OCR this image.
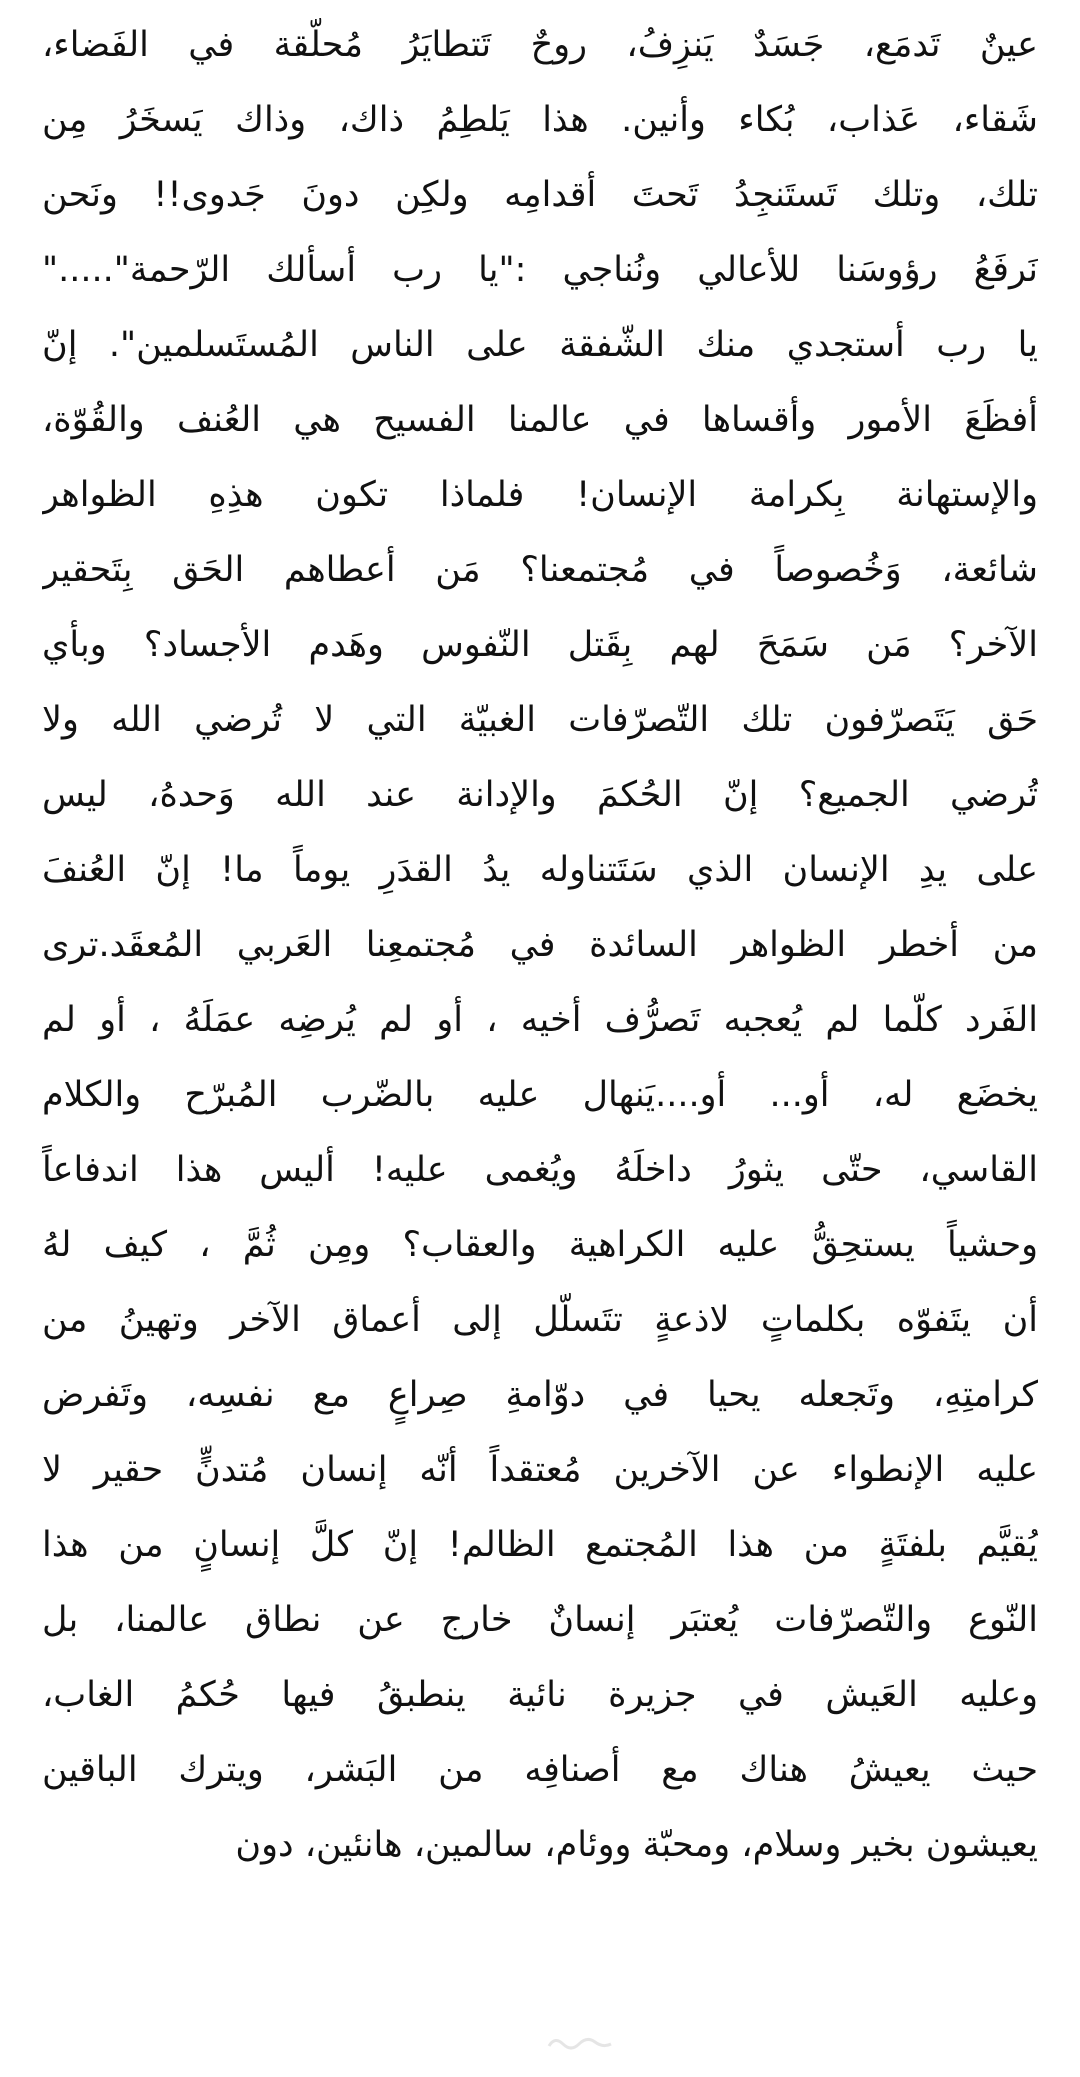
عينٌ تَدمَع، جَسَدٌ يَنزِفُ، روحٌ تَتطايَرُ مُحلّقة في الفَضاء،
شَقاء، عَذاب، بُكاء وأنين. هذا يَلطِمُ ذاك، وذاك يَسخَرُ مِن
تلك، وتلك تَستَنجِدُ تَحتَ أقدامِه ولكِن دونَ جَدوى!! ونَحن
نَرفَعُ رؤوسَنا للأعالي ونُناجي :"يا رب أسألك الرّحمة"....."
يا رب أستجدي منك الشّفقة على الناس المُستَسلمين". إنّ
أفظَعَ الأمور وأقساها في عالمنا الفسيح هي العُنف والقُوّة،
والإستهانة بِكرامة الإنسان! فلماذا تكون هذِهِ الظواهر
شائعة، وَخُصوصاً في مُجتمعنا؟ مَن أعطاهم الحَق بِتَحقير
الآخر؟ مَن سَمَحَ لهم بِقَتل النّفوس وهَدم الأجساد؟ وبأي
حَق يَتَصرّفون تلك التّصرّفات الغبيّة التي لا تُرضي الله ولا
تُرضي الجميع؟ إنّ الحُكمَ والإدانة عند الله وَحدهُ، ليس
على يدِ الإنسان الذي سَتَتناوله يدُ القدَرِ يوماً ما! إنّ العُنفَ
من أخطر الظواهر السائدة في مُجتمعِنا العَربي المُعقَد.ترى
الفَرد كلّما لم يُعجبه تَصرُّف أخيه ، أو لم يُرضِه عمَلَهُ ، أو لم
يخضَع له، أو... أو....يَنهال عليه بالضّرب المُبرّح والكلام
القاسي، حتّى يثورُ داخلَهُ ويُغمى عليه! أليس هذا اندفاعاً
وحشياً يستحِقُّ عليه الكراهية والعقاب؟ ومِن ثُمَّ ، كيف لهُ
أن يتَفوّه بكلماتٍ لاذعةٍ تتَسلّل إلى أعماق الآخر وتهينُ من
كرامتِهِ، وتَجعله يحيا في دوّامةِ صِراعٍ مع نفسِه، وتَفرض
عليه الإنطواء عن الآخرين مُعتقداً أنّه إنسان مُتدنٍّ حقير لا
يُقيَّم بلفتَةٍ من هذا المُجتمع الظالم! إنّ كلَّ إنسانٍ من هذا
النّوع والتّصرّفات يُعتبَر إنسانٌ خارج عن نطاق عالمنا، بل
وعليه العَيش في جزيرة نائية ينطبقُ فيها حُكمُ الغاب،
حيث يعيشُ هناك مع أصنافِه من البَشر، ويترك الباقين
يعيشون بخير وسلام، ومحبّة ووئام، سالمين، هانئين، دون
